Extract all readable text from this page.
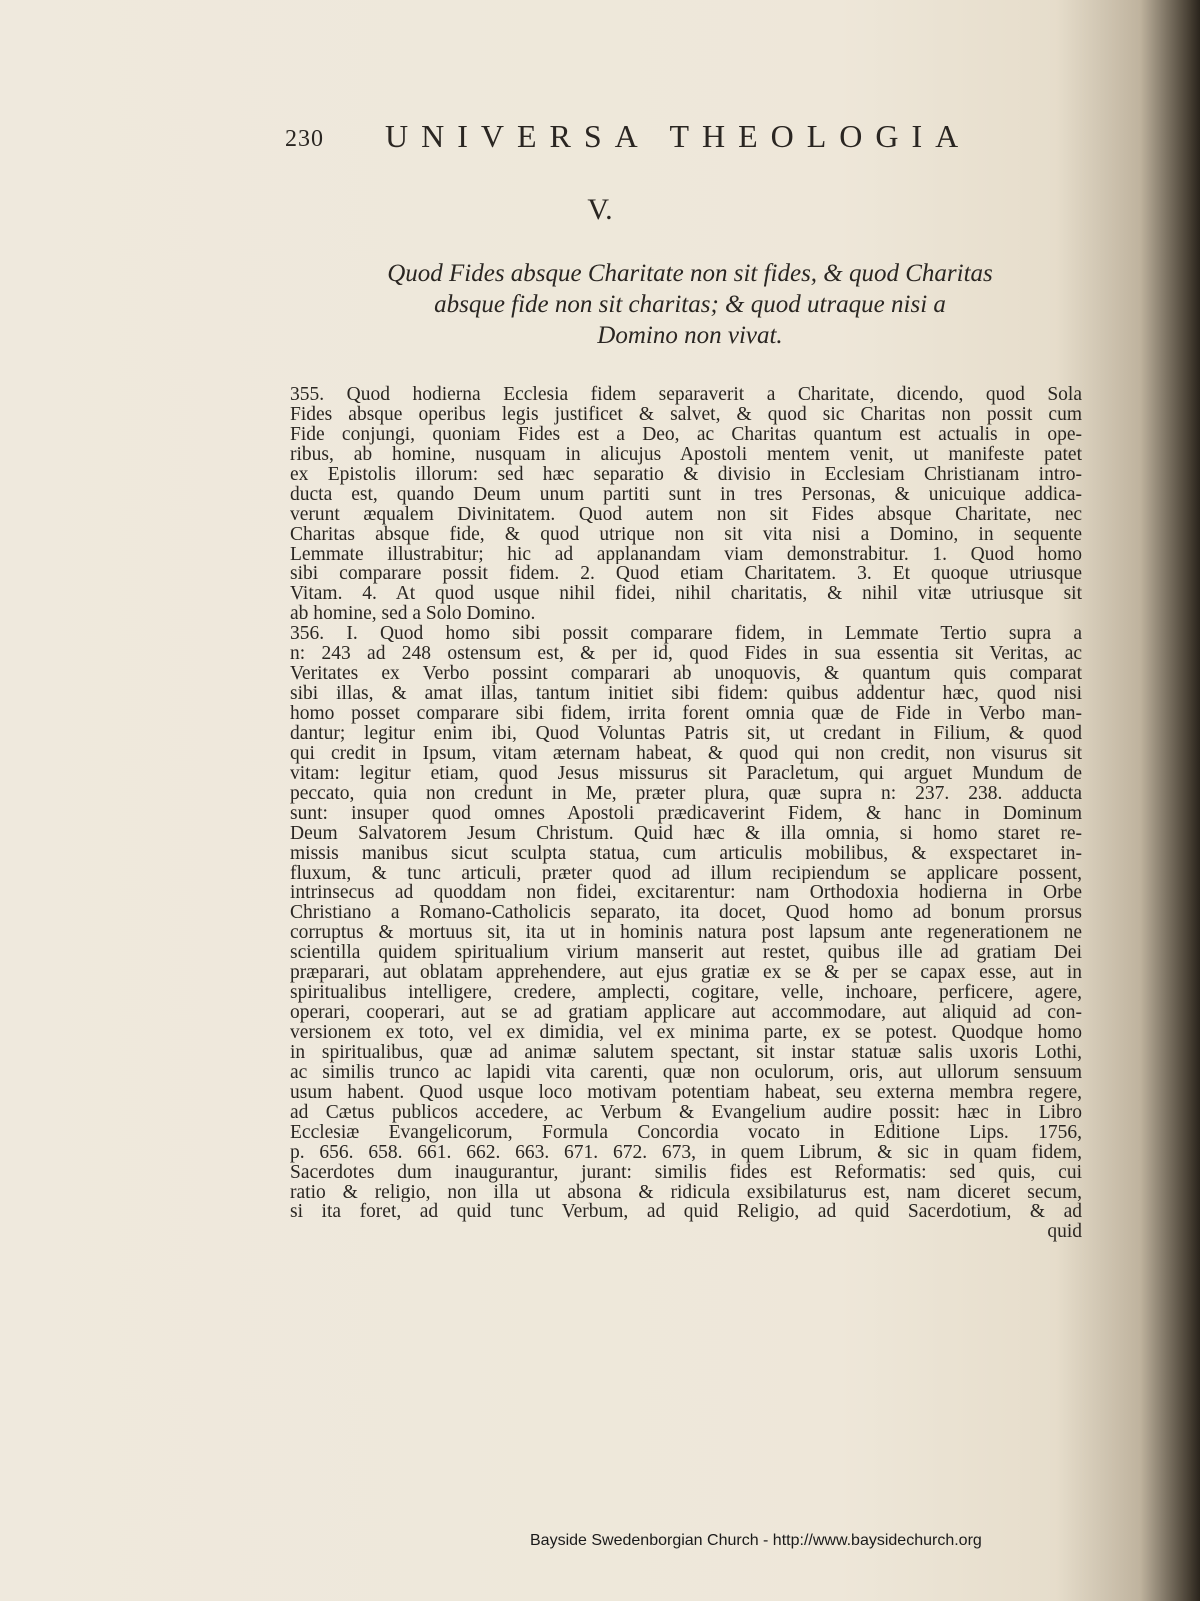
230 UNIVERSA THEOLOGIA
V.
Quod Fides absque Charitate non sit fides, & quod Charitas
absque fide non sit charitas; & quod utraque nisi a
Domino non vivat.
355. Quod hodierna Ecclesia fidem separaverit a Charitate, dicendo, quod Sola
Fides absque operibus legis justificet & salvet, & quod sic Charitas non possit cum
Fide conjungi, quoniam Fides est a Deo, ac Charitas quantum est actualis in ope-
ribus, ab homine, nusquam in alicujus Apostoli mentem venit, ut manifeste patet
ex Epistolis illorum: sed hæc separatio & divisio in Ecclesiam Christianam intro-
ducta est, quando Deum unum partiti sunt in tres Personas, & unicuique addica-
verunt æqualem Divinitatem. Quod autem non sit Fides absque Charitate, nec
Charitas absque fide, & quod utrique non sit vita nisi a Domino, in sequente
Lemmate illustrabitur; hic ad applanandam viam demonstrabitur. 1. Quod homo
sibi comparare possit fidem. 2. Quod etiam Charitatem. 3. Et quoque utriusque
Vitam. 4. At quod usque nihil fidei, nihil charitatis, & nihil vitæ utriusque sit
ab homine, sed a Solo Domino.
356. I. Quod homo sibi possit comparare fidem, in Lemmate Tertio supra a
n: 243 ad 248 ostensum est, & per id, quod Fides in sua essentia sit Veritas, ac
Veritates ex Verbo possint comparari ab unoquovis, & quantum quis comparat
sibi illas, & amat illas, tantum initiet sibi fidem: quibus addentur hæc, quod nisi
homo posset comparare sibi fidem, irrita forent omnia quæ de Fide in Verbo man-
dantur; legitur enim ibi, Quod Voluntas Patris sit, ut credant in Filium, & quod
qui credit in Ipsum, vitam æternam habeat, & quod qui non credit, non visurus sit
vitam: legitur etiam, quod Jesus missurus sit Paracletum, qui arguet Mundum de
peccato, quia non credunt in Me, præter plura, quæ supra n: 237. 238. adducta
sunt: insuper quod omnes Apostoli prædicaverint Fidem, & hanc in Dominum
Deum Salvatorem Jesum Christum. Quid hæc & illa omnia, si homo staret re-
missis manibus sicut sculpta statua, cum articulis mobilibus, & exspectaret in-
fluxum, & tunc articuli, præter quod ad illum recipiendum se applicare possent,
intrinsecus ad quoddam non fidei, excitarentur: nam Orthodoxia hodierna in Orbe
Christiano a Romano-Catholicis separato, ita docet, Quod homo ad bonum prorsus
corruptus & mortuus sit, ita ut in hominis natura post lapsum ante regenerationem ne
scientilla quidem spiritualium virium manserit aut restet, quibus ille ad gratiam Dei
præparari, aut oblatam apprehendere, aut ejus gratiæ ex se & per se capax esse, aut in
spiritualibus intelligere, credere, amplecti, cogitare, velle, inchoare, perficere, agere,
operari, cooperari, aut se ad gratiam applicare aut accommodare, aut aliquid ad con-
versionem ex toto, vel ex dimidia, vel ex minima parte, ex se potest. Quodque homo
in spiritualibus, quæ ad animæ salutem spectant, sit instar statuæ salis uxoris Lothi,
ac similis trunco ac lapidi vita carenti, quæ non oculorum, oris, aut ullorum sensuum
usum habent. Quod usque loco motivam potentiam habeat, seu externa membra regere,
ad Cætus publicos accedere, ac Verbum & Evangelium audire possit: hæc in Libro
Ecclesiæ Evangelicorum, Formula Concordia vocato in Editione Lips. 1756,
p. 656. 658. 661. 662. 663. 671. 672. 673, in quem Librum, & sic in quam fidem,
Sacerdotes dum inaugurantur, jurant: similis fides est Reformatis: sed quis, cui
ratio & religio, non illa ut absona & ridicula exsibilaturus est, nam diceret secum,
si ita foret, ad quid tunc Verbum, ad quid Religio, ad quid Sacerdotium, & ad
quid
Bayside Swedenborgian Church - http://www.baysidechurch.org
